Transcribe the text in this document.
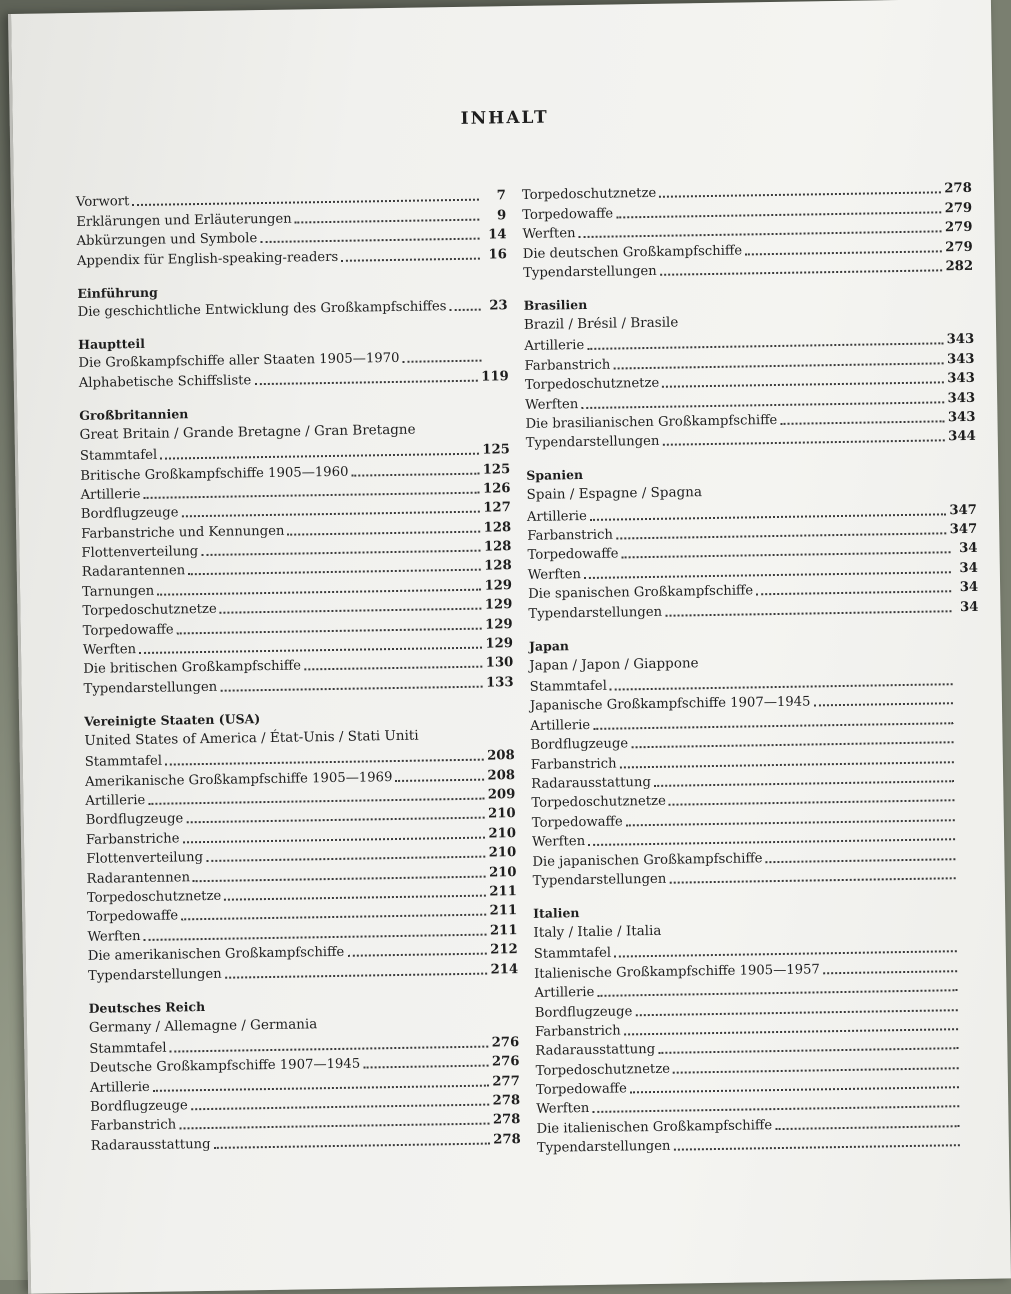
INHALT
Vorwort	7
Erklärungen und Erläuterungen	9
Abkürzungen und Symbole	14
Appendix für English-speaking-readers	16
Einführung
Die geschichtliche Entwicklung des Großkampfschiffes	23
Hauptteil
Die Großkampfschiffe aller Staaten 1905—1970
Alphabetische Schiffsliste	119
Großbritannien
Great Britain / Grande Bretagne / Gran Bretagne
Stammtafel	125
Britische Großkampfschiffe 1905—1960	125
Artillerie	126
Bordflugzeuge	127
Farbanstriche und Kennungen	128
Flottenverteilung	128
Radarantennen	128
Tarnungen	129
Torpedoschutznetze	129
Torpedowaffe	129
Werften	129
Die britischen Großkampfschiffe	130
Typendarstellungen	133
Vereinigte Staaten (USA)
United States of America / État-Unis / Stati Uniti
Stammtafel	208
Amerikanische Großkampfschiffe 1905—1969	208
Artillerie	209
Bordflugzeuge	210
Farbanstriche	210
Flottenverteilung	210
Radarantennen	210
Torpedoschutznetze	211
Torpedowaffe	211
Werften	211
Die amerikanischen Großkampfschiffe	212
Typendarstellungen	214
Deutsches Reich
Germany / Allemagne / Germania
Stammtafel	276
Deutsche Großkampfschiffe 1907—1945	276
Artillerie	277
Bordflugzeuge	278
Farbanstrich	278
Radarausstattung	278
Torpedoschutznetze	278
Torpedowaffe	279
Werften	279
Die deutschen Großkampfschiffe	279
Typendarstellungen	282
Brasilien
Brazil / Brésil / Brasile
Artillerie	343
Farbanstrich	343
Torpedoschutznetze	343
Werften	343
Die brasilianischen Großkampfschiffe	343
Typendarstellungen	344
Spanien
Spain / Espagne / Spagna
Artillerie	347
Farbanstrich	347
Torpedowaffe	34
Werften	34
Die spanischen Großkampfschiffe	34
Typendarstellungen	34
Japan
Japan / Japon / Giappone
Stammtafel
Japanische Großkampfschiffe 1907—1945
Artillerie
Bordflugzeuge
Farbanstrich
Radarausstattung
Torpedoschutznetze
Torpedowaffe
Werften
Die japanischen Großkampfschiffe
Typendarstellungen
Italien
Italy / Italie / Italia
Stammtafel
Italienische Großkampfschiffe 1905—1957
Artillerie
Bordflugzeuge
Farbanstrich
Radarausstattung
Torpedoschutznetze
Torpedowaffe
Werften
Die italienischen Großkampfschiffe
Typendarstellungen
